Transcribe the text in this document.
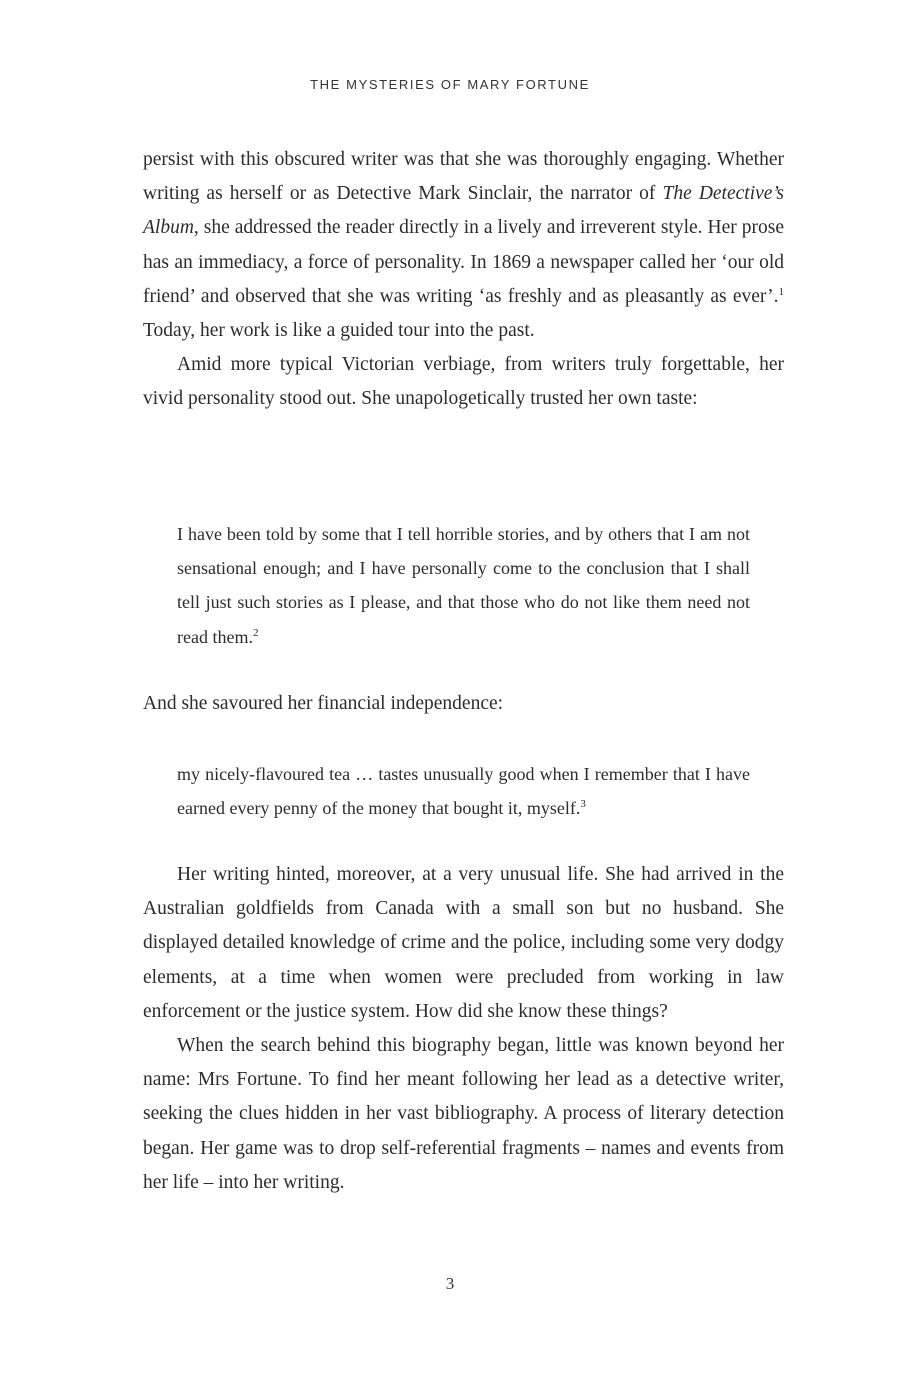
THE MYSTERIES OF MARY FORTUNE

persist with this obscured writer was that she was thoroughly engaging. Whether writing as herself or as Detective Mark Sinclair, the narrator of The Detective’s Album, she addressed the reader directly in a lively and irreverent style. Her prose has an immediacy, a force of personality. In 1869 a newspaper called her ‘our old friend’ and observed that she was writing ‘as freshly and as pleasantly as ever’.$^1$ Today, her work is like a guided tour into the past.

Amid more typical Victorian verbiage, from writers truly forgettable, her vivid personality stood out. She unapologetically trusted her own taste:

I have been told by some that I tell horrible stories, and by others that I am not sensational enough; and I have personally come to the conclusion that I shall tell just such stories as I please, and that those who do not like them need not read them.$^2$

And she savoured her financial independence:

my nicely-flavoured tea … tastes unusually good when I remember that I have earned every penny of the money that bought it, myself.$^3$

Her writing hinted, moreover, at a very unusual life. She had arrived in the Australian goldfields from Canada with a small son but no husband. She displayed detailed knowledge of crime and the police, including some very dodgy elements, at a time when women were precluded from working in law enforcement or the justice system. How did she know these things?

When the search behind this biography began, little was known beyond her name: Mrs Fortune. To find her meant following her lead as a detective writer, seeking the clues hidden in her vast bibliography. A process of literary detection began. Her game was to drop self-referential fragments – names and events from her life – into her writing.

3
